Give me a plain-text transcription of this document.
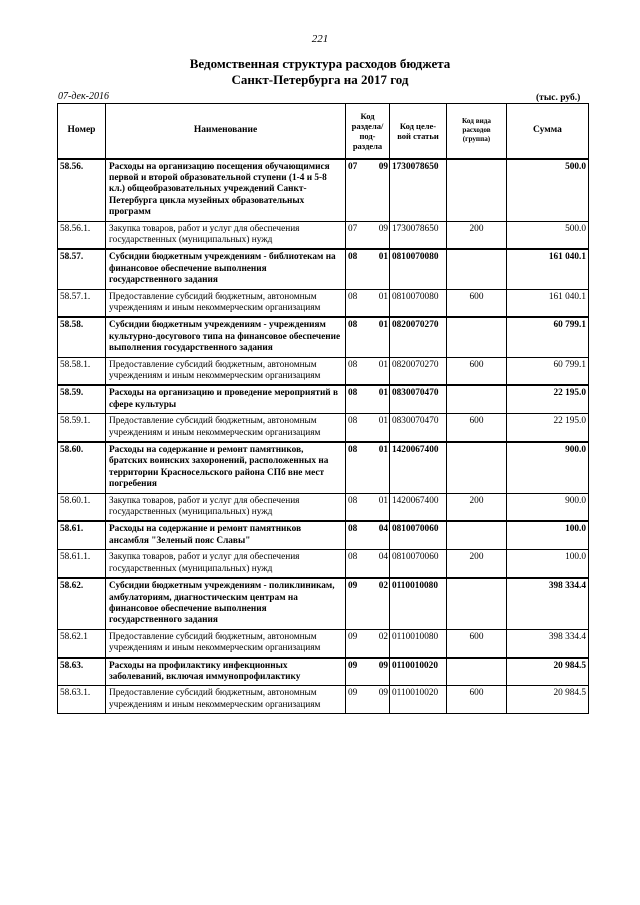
221
Ведомственная структура расходов бюджета
Санкт-Петербурга на 2017 год
07-дек-2016	(тыс. руб.)
Номер	Наименование	Код раздела/ под- раздела	Код целе- вой статьи	Код вида расходов (группа)	Сумма
58.56.	Расходы на организацию посещения обучающимися первой и второй образовательной ступени (1-4 и 5-8 кл.) общеобразовательных учреждений Санкт-Петербурга цикла музейных образовательных программ	07 09	1730078650		500.0
58.56.1.	Закупка товаров, работ и услуг для обеспечения государственных (муниципальных) нужд	07 09	1730078650	200	500.0
58.57.	Субсидии бюджетным учреждениям - библиотекам на финансовое обеспечение выполнения государственного задания	08 01	0810070080		161 040.1
58.57.1.	Предоставление субсидий бюджетным, автономным учреждениям и иным некоммерческим организациям	08 01	0810070080	600	161 040.1
58.58.	Субсидии бюджетным учреждениям - учреждениям культурно-досугового типа на финансовое обеспечение выполнения государственного задания	08 01	0820070270		60 799.1
58.58.1.	Предоставление субсидий бюджетным, автономным учреждениям и иным некоммерческим организациям	08 01	0820070270	600	60 799.1
58.59.	Расходы на организацию и проведение мероприятий в сфере культуры	08 01	0830070470		22 195.0
58.59.1.	Предоставление субсидий бюджетным, автономным учреждениям и иным некоммерческим организациям	08 01	0830070470	600	22 195.0
58.60.	Расходы на содержание и ремонт памятников, братских воинских захоронений, расположенных на территории Красносельского района СПб вне мест погребения	08 01	1420067400		900.0
58.60.1.	Закупка товаров, работ и услуг для обеспечения государственных (муниципальных) нужд	08 01	1420067400	200	900.0
58.61.	Расходы на содержание и ремонт памятников ансамбля "Зеленый пояс Славы"	08 04	0810070060		100.0
58.61.1.	Закупка товаров, работ и услуг для обеспечения государственных (муниципальных) нужд	08 04	0810070060	200	100.0
58.62.	Субсидии бюджетным учреждениям - поликлиникам, амбулаториям, диагностическим центрам на финансовое обеспечение выполнения государственного задания	09 02	0110010080		398 334.4
58.62.1	Предоставление субсидий бюджетным, автономным учреждениям и иным некоммерческим организациям	09 02	0110010080	600	398 334.4
58.63.	Расходы на профилактику инфекционных заболеваний, включая иммунопрофилактику	09 09	0110010020		20 984.5
58.63.1.	Предоставление субсидий бюджетным, автономным учреждениям и иным некоммерческим организациям	09 09	0110010020	600	20 984.5
